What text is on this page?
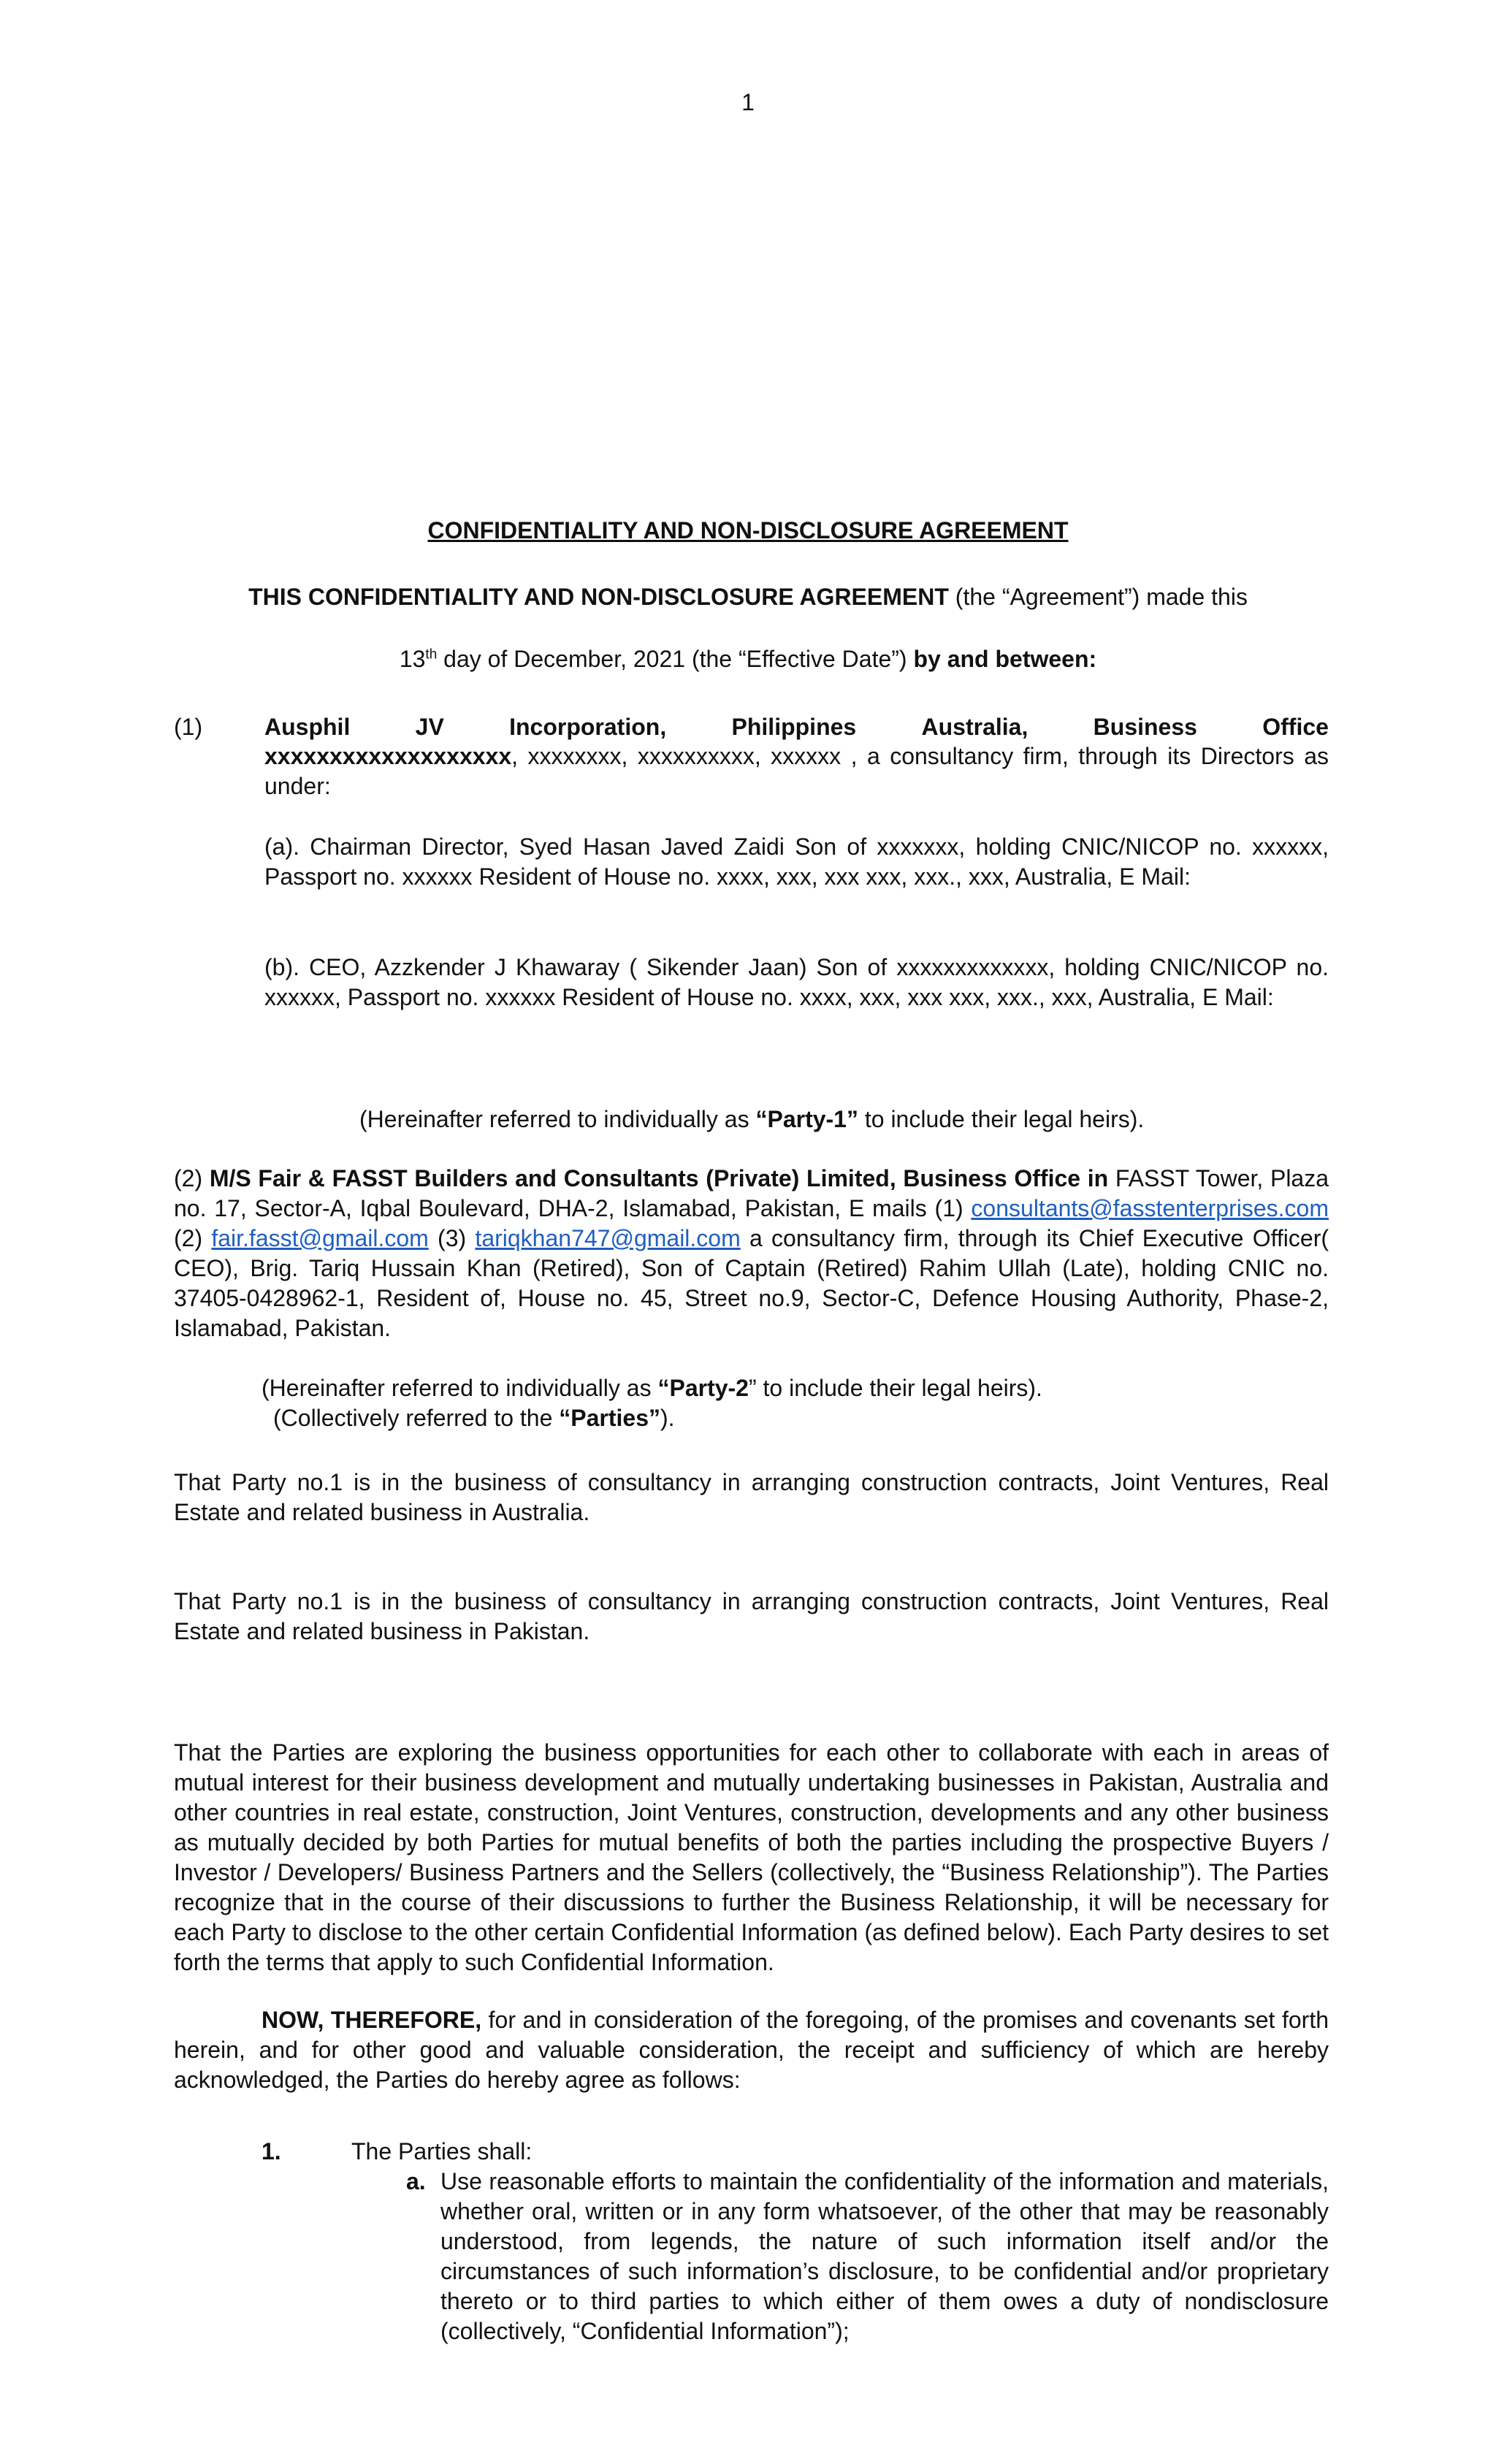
1
CONFIDENTIALITY AND NON-DISCLOSURE AGREEMENT
THIS CONFIDENTIALITY AND NON-DISCLOSURE AGREEMENT (the “Agreement”) made this
13th day of December, 2021 (the “Effective Date”) by and between:
(1)	Ausphil	JV	Incorporation,	Philippines	Australia,	Business	Office
xxxxxxxxxxxxxxxxxxx, xxxxxxxx, xxxxxxxxxx, xxxxxx , a consultancy firm, through its Directors as under:
(a). Chairman Director, Syed Hasan Javed Zaidi Son of xxxxxxx, holding CNIC/NICOP no. xxxxxx, Passport no. xxxxxx Resident of House no. xxxx, xxx, xxx xxx, xxx., xxx, Australia, E Mail:
(b). CEO, Azzkender J Khawaray ( Sikender Jaan) Son of xxxxxxxxxxxxx, holding CNIC/NICOP no. xxxxxx, Passport no. xxxxxx Resident of House no. xxxx, xxx, xxx xxx, xxx., xxx, Australia, E Mail:
(Hereinafter referred to individually as “Party-1” to include their legal heirs).
(2) M/S Fair & FASST Builders and Consultants (Private) Limited, Business Office in FASST Tower, Plaza no. 17, Sector-A, Iqbal Boulevard, DHA-2, Islamabad, Pakistan, E mails (1) consultants@fasstenterprises.com (2) fair.fasst@gmail.com (3) tariqkhan747@gmail.com a consultancy firm, through its Chief Executive Officer( CEO), Brig. Tariq Hussain Khan (Retired), Son of Captain (Retired) Rahim Ullah (Late), holding CNIC no. 37405-0428962-1, Resident of, House no. 45, Street no.9, Sector-C, Defence Housing Authority, Phase-2, Islamabad, Pakistan.
(Hereinafter referred to individually as “Party-2” to include their legal heirs).
(Collectively referred to the “Parties”).
That Party no.1 is in the business of consultancy in arranging construction contracts, Joint Ventures, Real Estate and related business in Australia.
That Party no.1 is in the business of consultancy in arranging construction contracts, Joint Ventures, Real Estate and related business in Pakistan.
That the Parties are exploring the business opportunities for each other to collaborate with each in areas of mutual interest for their business development and mutually undertaking businesses in Pakistan, Australia and other countries in real estate, construction, Joint Ventures, construction, developments and any other business as mutually decided by both Parties for mutual benefits of both the parties including the prospective Buyers / Investor / Developers/ Business Partners and the Sellers (collectively, the “Business Relationship”). The Parties recognize that in the course of their discussions to further the Business Relationship, it will be necessary for each Party to disclose to the other certain Confidential Information (as defined below). Each Party desires to set forth the terms that apply to such Confidential Information.
NOW, THEREFORE, for and in consideration of the foregoing, of the promises and covenants set forth herein, and for other good and valuable consideration, the receipt and sufficiency of which are hereby acknowledged, the Parties do hereby agree as follows:
1.	The Parties shall:
a. Use reasonable efforts to maintain the confidentiality of the information and materials, whether oral, written or in any form whatsoever, of the other that may be reasonably understood, from legends, the nature of such information itself and/or the circumstances of such information’s disclosure, to be confidential and/or proprietary thereto or to third parties to which either of them owes a duty of nondisclosure (collectively, “Confidential Information”);
